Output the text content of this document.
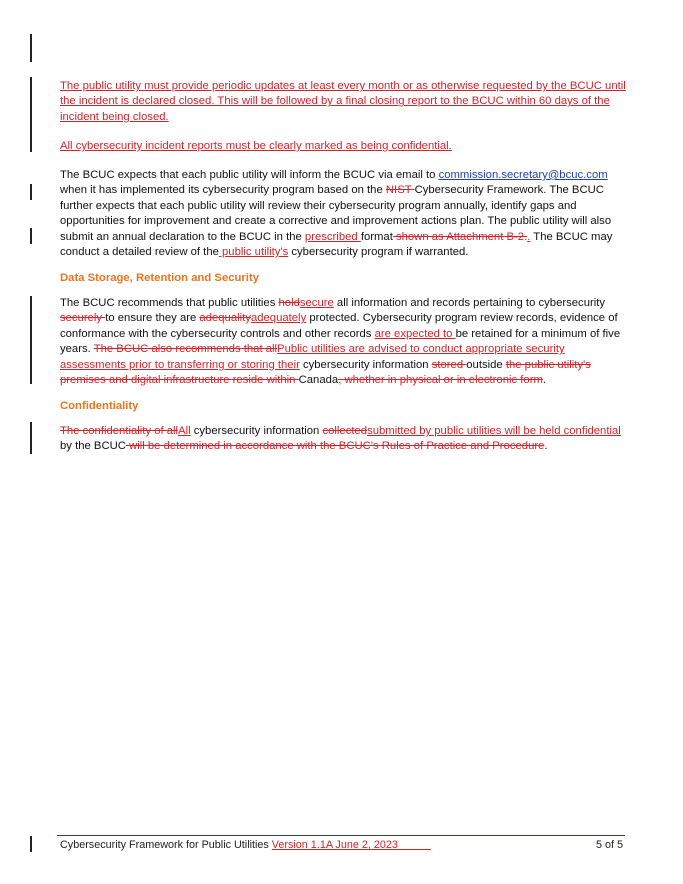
The public utility must provide periodic updates at least every month or as otherwise requested by the BCUC until the incident is declared closed. This will be followed by a final closing report to the BCUC within 60 days of the incident being closed.

All cybersecurity incident reports must be clearly marked as being confidential.

The BCUC expects that each public utility will inform the BCUC via email to commission.secretary@bcuc.com when it has implemented its cybersecurity program based on the NIST Cybersecurity Framework. The BCUC further expects that each public utility will review their cybersecurity program annually, identify gaps and opportunities for improvement and create a corrective and improvement actions plan. The public utility will also submit an annual declaration to the BCUC in the prescribed format shown as Attachment B-2.. The BCUC may conduct a detailed review of the public utility's cybersecurity program if warranted.

Data Storage, Retention and Security

The BCUC recommends that public utilities holdsecure all information and records pertaining to cybersecurity securely to ensure they are adequalityadequately protected. Cybersecurity program review records, evidence of conformance with the cybersecurity controls and other records are expected to be retained for a minimum of five years. The BCUC also recommends that allPublic utilities are advised to conduct appropriate security assessments prior to transferring or storing their cybersecurity information stored outside the public utility's premises and digital infrastructure reside within Canada, whether in physical or in electronic form.

Confidentiality

The confidentiality of allAll cybersecurity information collectedsubmitted by public utilities will be held confidential by the BCUC will be determined in accordance with the BCUC's Rules of Practice and Procedure.

Cybersecurity Framework for Public Utilities Version 1.1A June 2, 2023	5 of 5
